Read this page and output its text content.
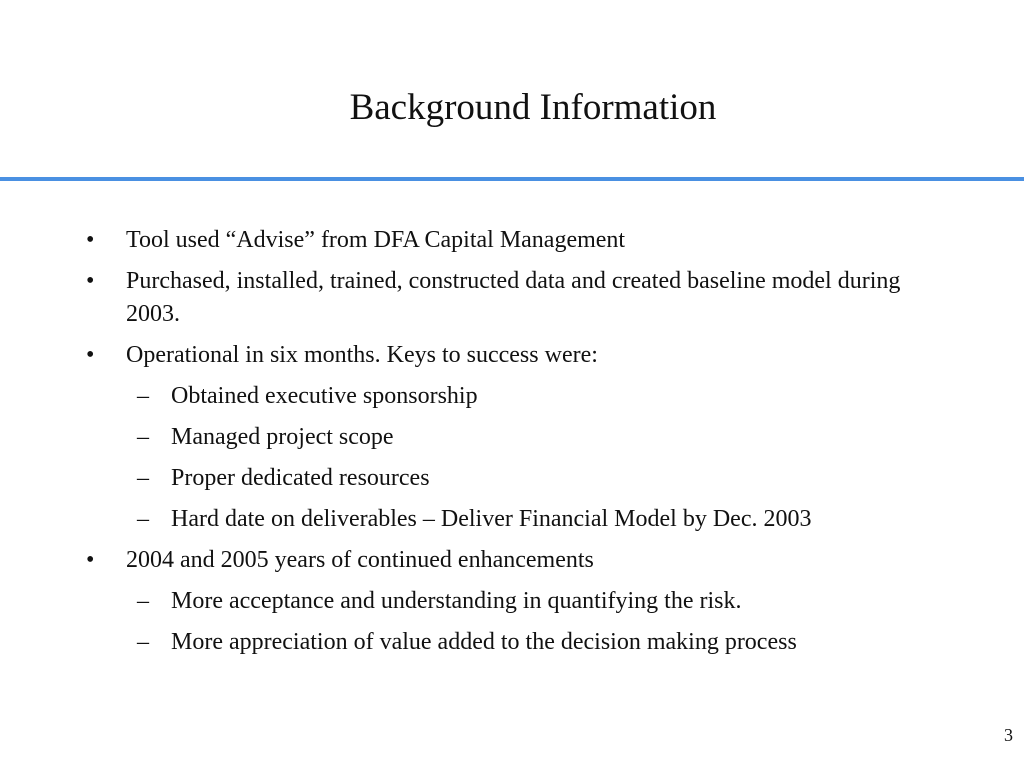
Background Information
• Tool used “Advise” from DFA Capital Management
• Purchased, installed, trained, constructed data and created baseline model during 2003.
• Operational in six months. Keys to success were:
– Obtained executive sponsorship
– Managed project scope
– Proper dedicated resources
– Hard date on deliverables – Deliver Financial Model by Dec. 2003
• 2004 and 2005 years of continued enhancements
– More acceptance and understanding in quantifying the risk.
– More appreciation of value added to the decision making process
3
